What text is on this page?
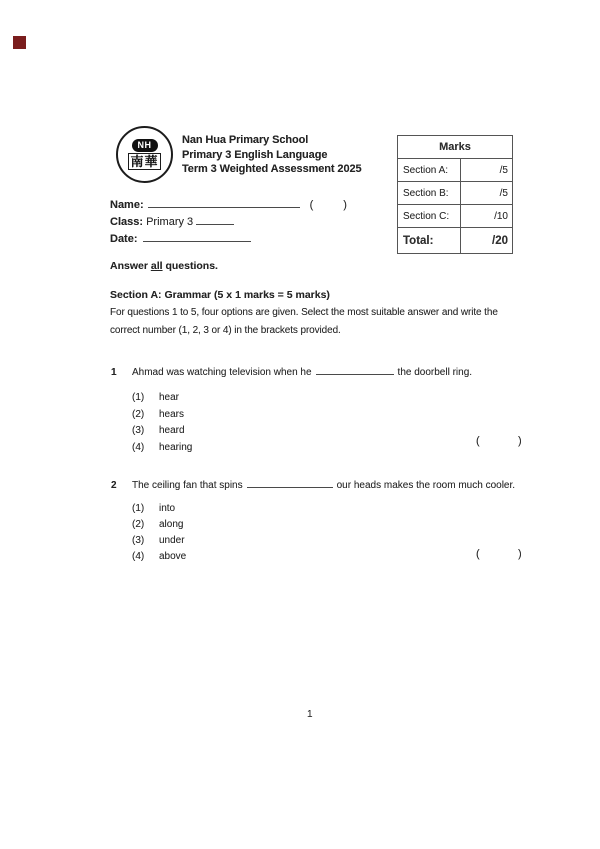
NH
南華
Nan Hua Primary School
Primary 3 English Language
Term 3 Weighted Assessment 2025
Marks	
Section A:	/5
Section B:	/5
Section C:	/10
Total:	/20
Name:	(	)
Class: Primary 3
Date:
Answer all questions.
Section A: Grammar (5 x 1 marks = 5 marks)
For questions 1 to 5, four options are given. Select the most suitable answer and write the
correct number (1, 2, 3 or 4) in the brackets provided.
1 Ahmad was watching television when he	the doorbell ring.
(1) hear
(2) hears
(3) heard
(4) hearing	(	)
2 The ceiling fan that spins	our heads makes the room much cooler.
(1) into
(2) along
(3) under
(4) above	(	)
1
